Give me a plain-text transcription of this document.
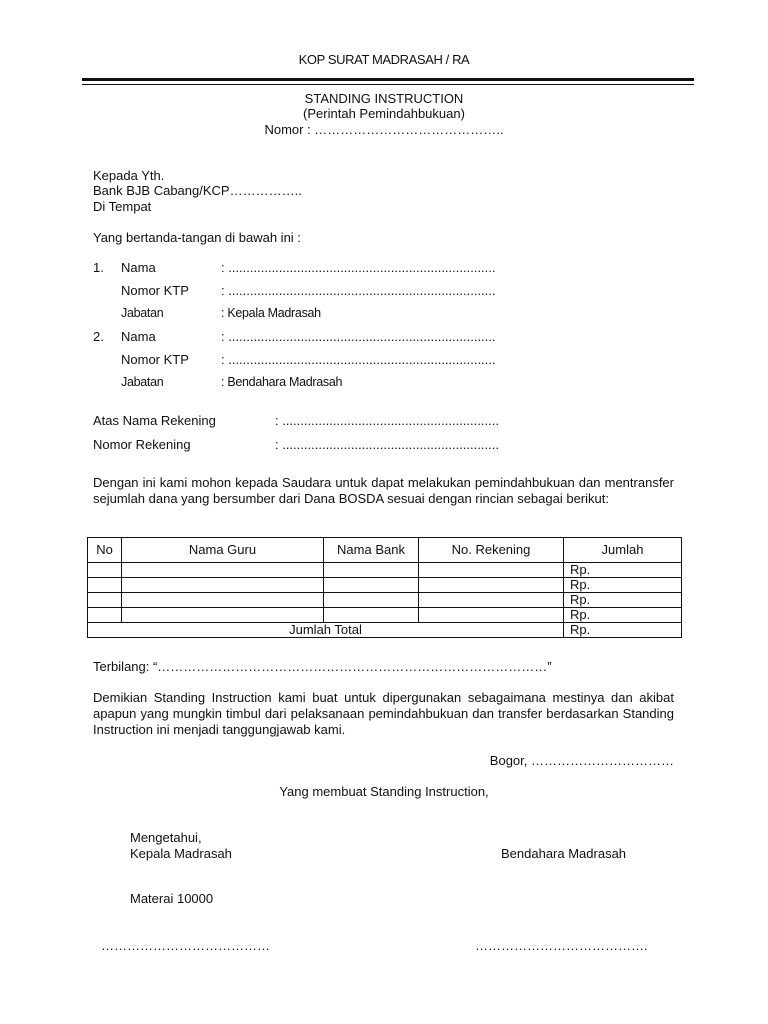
KOP SURAT MADRASAH / RA
STANDING INSTRUCTION
(Perintah Pemindahbukuan)
Nomor : ……………………………………..
Kepada Yth.
Bank BJB Cabang/KCP……………..
Di Tempat
Yang bertanda-tangan di bawah ini :
1. Nama	: ..........................................................................
Nomor KTP : ..........................................................................
Jabatan	: Kepala Madrasah
2. Nama	: ..........................................................................
Nomor KTP : ..........................................................................
Jabatan	: Bendahara Madrasah
Atas Nama Rekening	: ............................................................
Nomor Rekening	: ............................................................
Dengan ini kami mohon kepada Saudara untuk dapat melakukan pemindahbukuan dan mentransfer sejumlah dana yang bersumber dari Dana BOSDA sesuai dengan rincian sebagai berikut:
No	Nama Guru	Nama Bank	No. Rekening	Jumlah
				Rp.
				Rp.
				Rp.
				Rp.
Jumlah Total				Rp.
Terbilang: “………………………………………………………………………………”
Demikian Standing Instruction kami buat untuk dipergunakan sebagaimana mestinya dan akibat apapun yang mungkin timbul dari pelaksanaan pemindahbukuan dan transfer berdasarkan Standing Instruction ini menjadi tanggungjawab kami.
Bogor, ……………………………
Yang membuat Standing Instruction,
Mengetahui,
Kepala Madrasah	Bendahara Madrasah
Materai 10000
…………………………………	………………………………….
